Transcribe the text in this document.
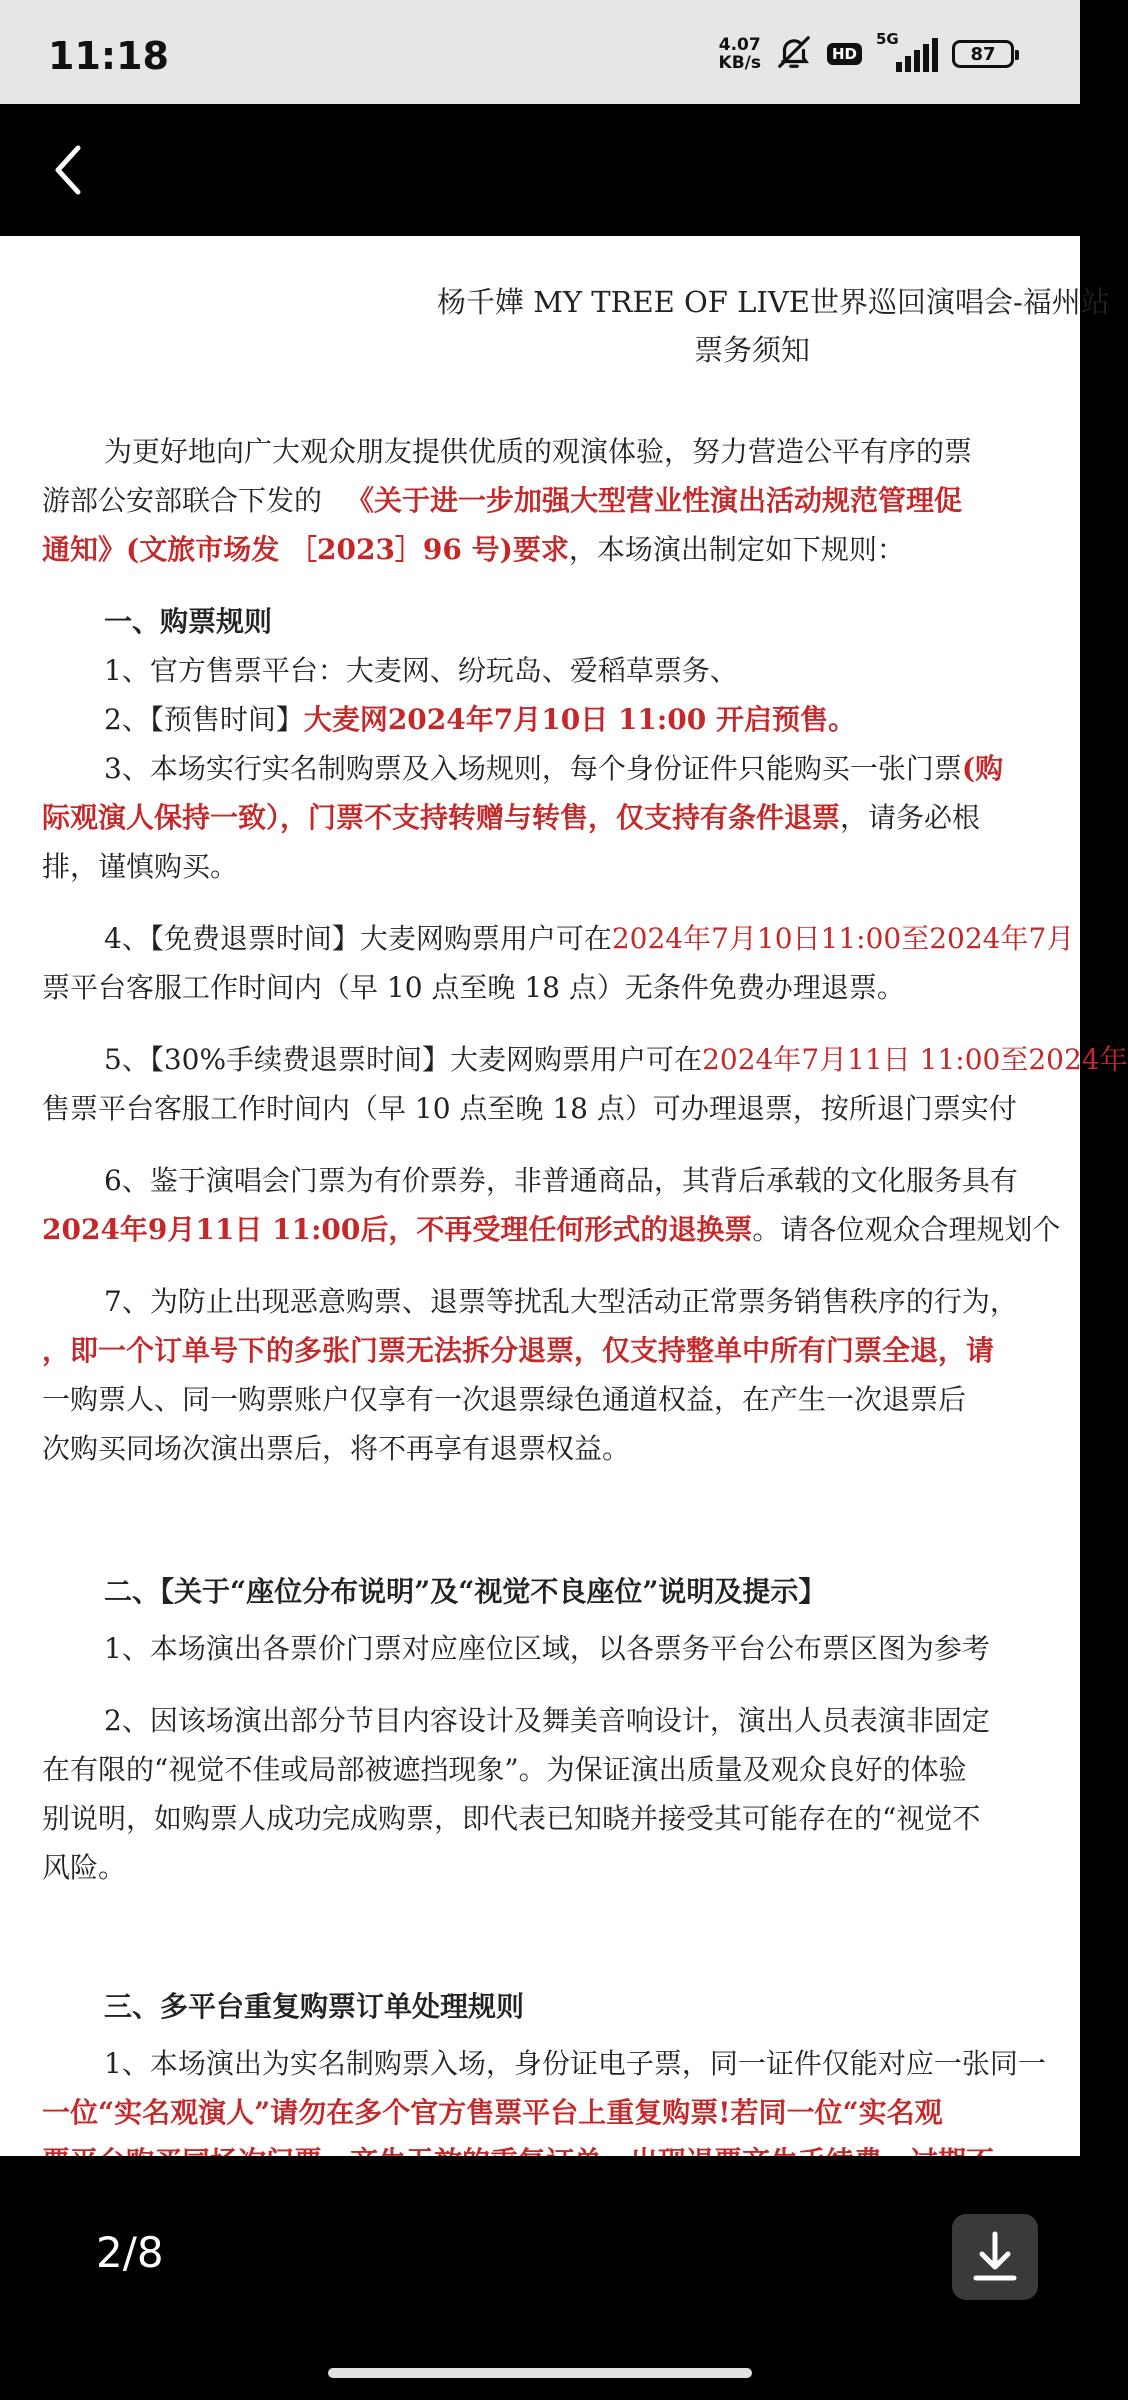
11:18	4.07
KB/s	HD
5G
87
杨千嬅 MY TREE OF LIVE世界巡回演唱会-福州站
票务须知
为更好地向广大观众朋友提供优质的观演体验，努力营造公平有序的票
游部公安部联合下发的 《关于进一步加强大型营业性演出活动规范管理促
通知》(文旅市场发 ［2023］96 号)要求，本场演出制定如下规则：
一、购票规则
1、官方售票平台：大麦网、纷玩岛、爱稻草票务、
2、【预售时间】大麦网2024年7月10日 11:00 开启预售。
3、本场实行实名制购票及入场规则，每个身份证件只能购买一张门票(购
际观演人保持一致），门票不支持转赠与转售，仅支持有条件退票，请务必根
排，谨慎购买。
4、【免费退票时间】大麦网购票用户可在2024年7月10日11:00至2024年7月
票平台客服工作时间内（早 10 点至晚 18 点）无条件免费办理退票。
5、【30%手续费退票时间】大麦网购票用户可在2024年7月11日 11:00至2024年
售票平台客服工作时间内（早 10 点至晚 18 点）可办理退票，按所退门票实付
6、鉴于演唱会门票为有价票券，非普通商品，其背后承载的文化服务具有
2024年9月11日 11:00后，不再受理任何形式的退换票。请各位观众合理规划个
7、为防止出现恶意购票、退票等扰乱大型活动正常票务销售秩序的行为，
，即一个订单号下的多张门票无法拆分退票，仅支持整单中所有门票全退，请
一购票人、同一购票账户仅享有一次退票绿色通道权益，在产生一次退票后
次购买同场次演出票后，将不再享有退票权益。
二、【关于“座位分布说明”及“视觉不良座位”说明及提示】
1、本场演出各票价门票对应座位区域，以各票务平台公布票区图为参考
2、因该场演出部分节目内容设计及舞美音响设计，演出人员表演非固定
在有限的“视觉不佳或局部被遮挡现象”。为保证演出质量及观众良好的体验
别说明，如购票人成功完成购票，即代表已知晓并接受其可能存在的“视觉不
风险。
三、多平台重复购票订单处理规则
1、本场演出为实名制购票入场，身份证电子票，同一证件仅能对应一张同一
一位“实名观演人”请勿在多个官方售票平台上重复购票!若同一位“实名观
2/8
